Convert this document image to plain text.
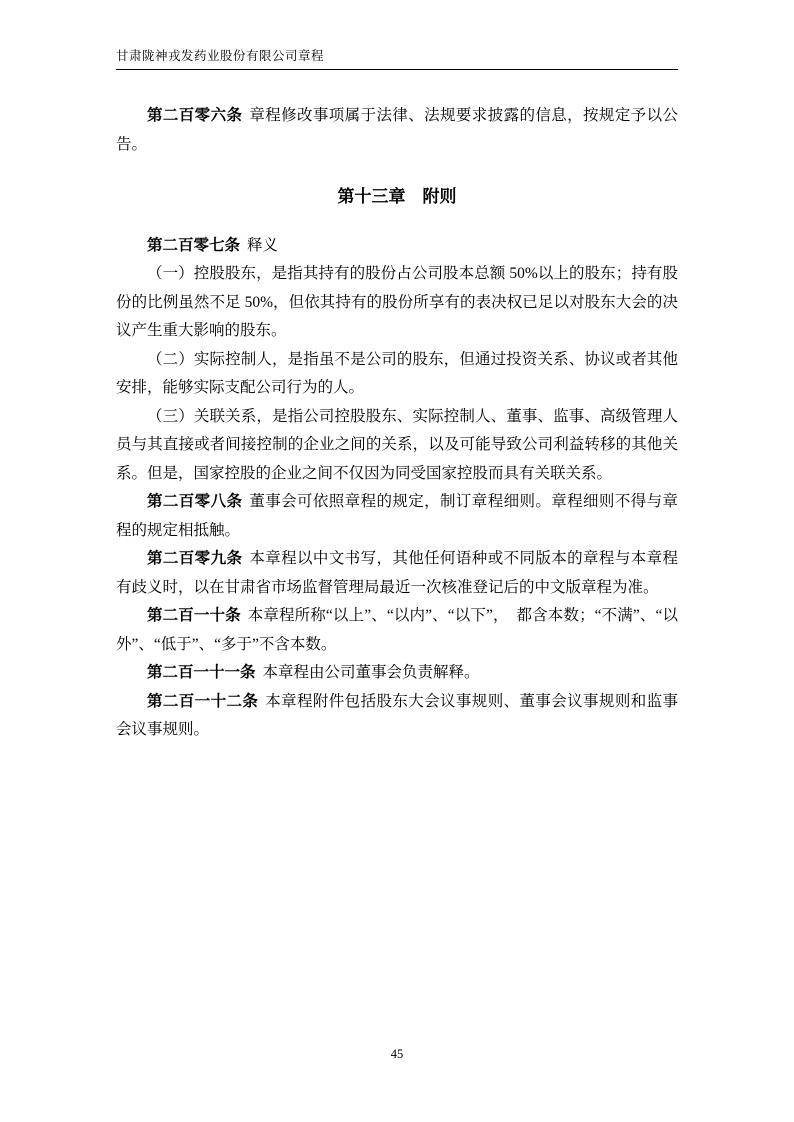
甘肃陇神戎发药业股份有限公司章程

第二百零六条 章程修改事项属于法律、法规要求披露的信息，按规定予以公告。

第十三章　附则

第二百零七条 释义

（一）控股股东，是指其持有的股份占公司股本总额 50%以上的股东；持有股份的比例虽然不足 50%，但依其持有的股份所享有的表决权已足以对股东大会的决议产生重大影响的股东。

（二）实际控制人，是指虽不是公司的股东，但通过投资关系、协议或者其他安排，能够实际支配公司行为的人。

（三）关联关系，是指公司控股股东、实际控制人、董事、监事、高级管理人员与其直接或者间接控制的企业之间的关系，以及可能导致公司利益转移的其他关系。但是，国家控股的企业之间不仅因为同受国家控股而具有关联关系。

第二百零八条 董事会可依照章程的规定，制订章程细则。章程细则不得与章程的规定相抵触。

第二百零九条 本章程以中文书写，其他任何语种或不同版本的章程与本章程有歧义时，以在甘肃省市场监督管理局最近一次核准登记后的中文版章程为准。

第二百一十条 本章程所称“以上”、“以内”、“以下”，　都含本数；“不满”、“以外”、“低于”、“多于”不含本数。

第二百一十一条 本章程由公司董事会负责解释。

第二百一十二条 本章程附件包括股东大会议事规则、董事会议事规则和监事会议事规则。

45
